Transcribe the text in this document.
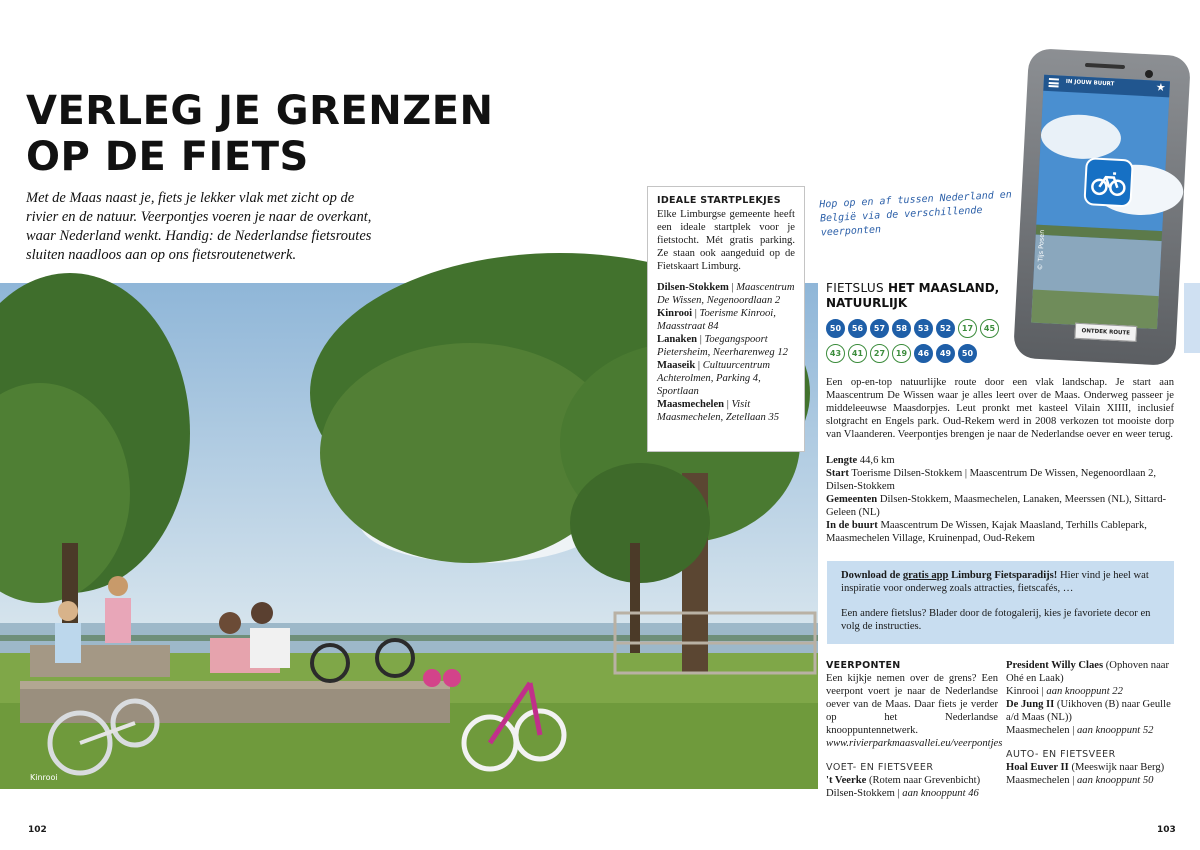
VERLEG JE GRENZEN
OP DE FIETS

Met de Maas naast je, fiets je lekker vlak met zicht op de rivier en de natuur. Veerpontjes voeren je naar de overkant, waar Nederland wenkt. Handig: de Nederlandse fietsroutes sluiten naadloos aan op ons fietsroutenetwerk.

Kinrooi
IDEALE STARTPLEKJES
Elke Limburgse gemeente heeft een ideale startplek voor je fietstocht. Mét gratis parking. Ze staan ook aangeduid op de Fietskaart Limburg.
Dilsen-Stokkem | Maascentrum De Wissen, Negenoordlaan 2
Kinrooi | Toerisme Kinrooi, Maasstraat 84
Lanaken | Toegangspoort Pietersheim, Neerharenweg 12
Maaseik | Cultuurcentrum Achterolmen, Parking 4, Sportlaan
Maasmechelen | Visit Maasmechelen, Zetellaan 35
Hop op en af tussen Nederland en België via de verschillende veerponten
IN JOUW BUURT	★
ONTDEK ROUTE
© Tijs Posen
FIETSLUS HET MAASLAND,
NATUURLIJK
50	56	57	58	53	52	17	45
43	41	27	19	46	49	50

Een op-en-top natuurlijke route door een vlak landschap. Je start aan Maascentrum De Wissen waar je alles leert over de Maas. Onderweg passeer je middeleeuwse Maasdorpjes. Leut pronkt met kasteel Vilain XIIII, inclusief slotgracht en Engels park. Oud-Rekem werd in 2008 verkozen tot mooiste dorp van Vlaanderen. Veerpontjes brengen je naar de Nederlandse oever en weer terug.

Lengte 44,6 km
Start Toerisme Dilsen-Stokkem | Maascentrum De Wissen, Negenoordlaan 2, Dilsen-Stokkem
Gemeenten Dilsen-Stokkem, Maasmechelen, Lanaken, Meerssen (NL), Sittard-Geleen (NL)
In de buurt Maascentrum De Wissen, Kajak Maasland, Terhills Cablepark, Maasmechelen Village, Kruinenpad, Oud-Rekem

Download de gratis app Limburg Fietsparadijs! Hier vind je heel wat inspiratie voor onderweg zoals attracties, fietscafés, …

Een andere fietslus? Blader door de fotogalerij, kies je favoriete decor en volg de instructies.

VEERPONTEN
Een kijkje nemen over de grens? Een veerpont voert je naar de Nederlandse oever van de Maas. Daar fiets je verder op het Nederlandse knooppuntennetwerk.
www.rivierparkmaasvallei.eu/veerpontjes
VOET- EN FIETSVEER
't Veerke (Rotem naar Grevenbicht)
Dilsen-Stokkem | aan knooppunt 46
President Willy Claes (Ophoven naar Ohé en Laak)
Kinrooi | aan knooppunt 22
De Jung II (Uikhoven (B) naar Geulle a/d Maas (NL))
Maasmechelen | aan knooppunt 52
AUTO- EN FIETSVEER
Hoal Euver II (Meeswijk naar Berg)
Maasmechelen | aan knooppunt 50
102	103
